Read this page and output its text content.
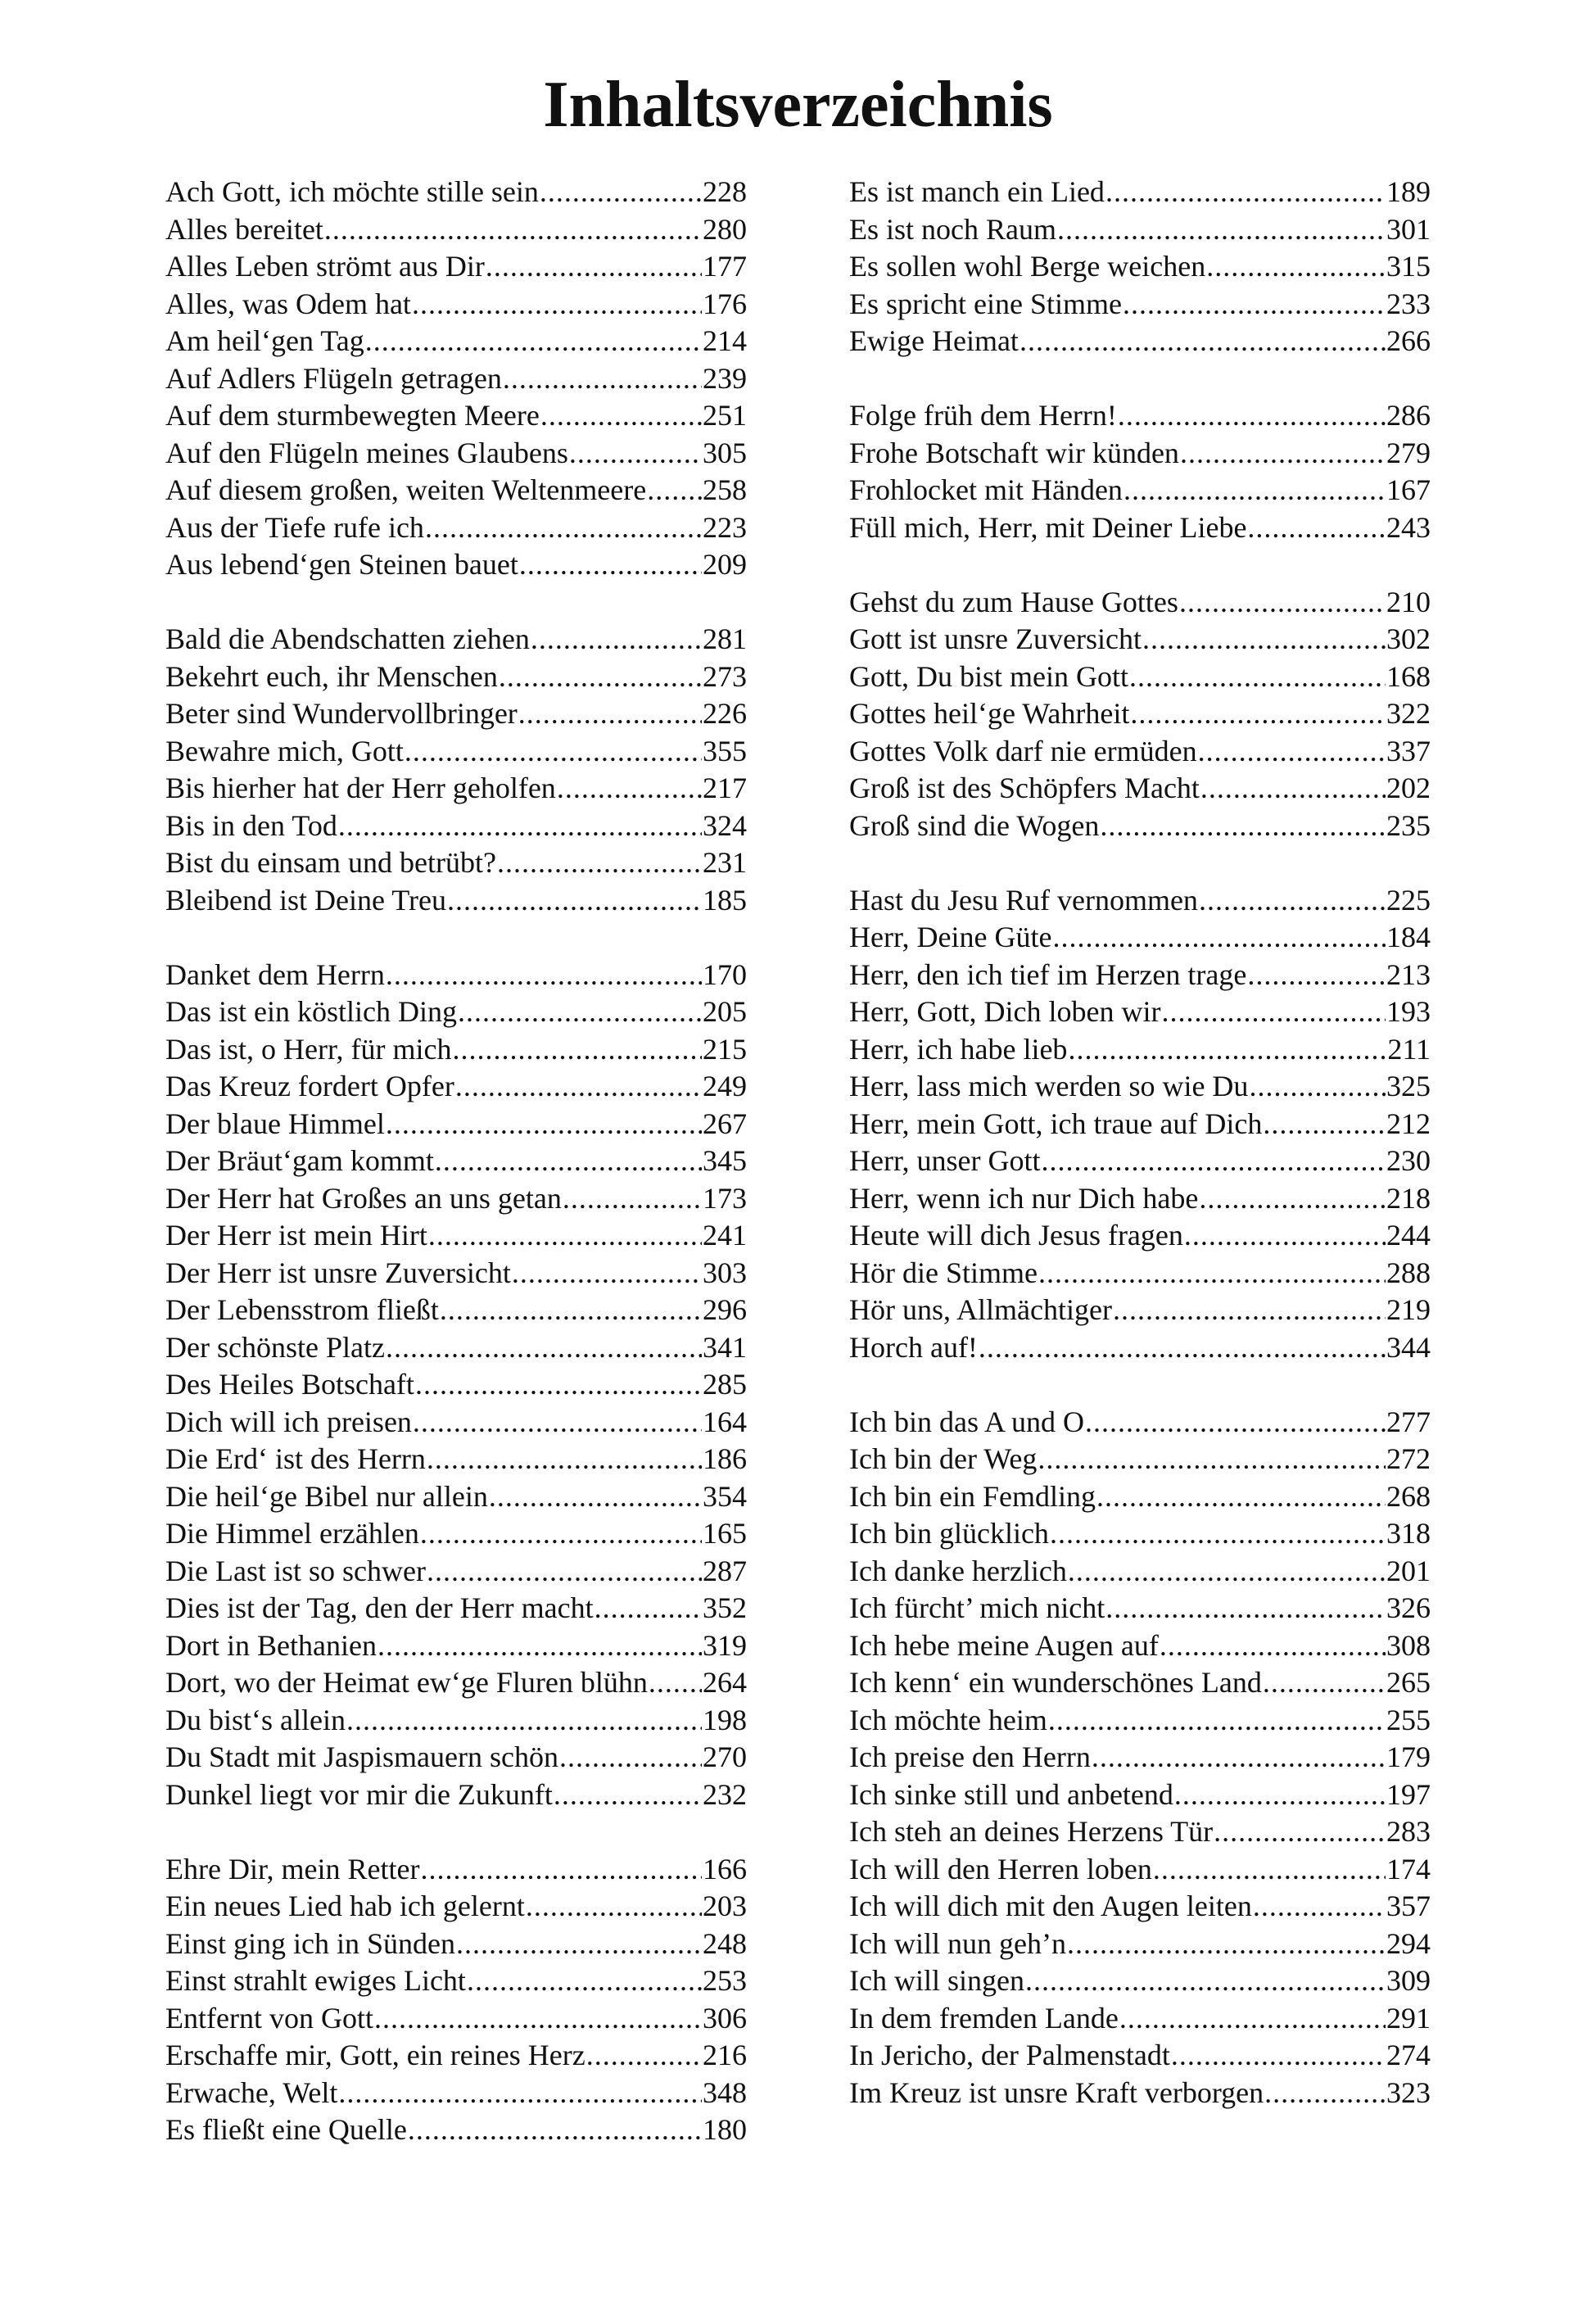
Inhaltsverzeichnis
Ach Gott, ich möchte stille sein .....	228
Alles bereitet .....	280
Alles Leben strömt aus Dir .....	177
Alles, was Odem hat .....	176
Am heil‘gen Tag .....	214
Auf Adlers Flügeln getragen .....	239
Auf dem sturmbewegten Meere .....	251
Auf den Flügeln meines Glaubens .....	305
Auf diesem großen, weiten Weltenmeere ..... 258
Aus der Tiefe rufe ich .....	223
Aus lebend‘gen Steinen bauet .....	209
Bald die Abendschatten ziehen .....	281
Bekehrt euch, ihr Menschen .....	273
Beter sind Wundervollbringer .....	226
Bewahre mich, Gott .....	355
Bis hierher hat der Herr geholfen .....	217
Bis in den Tod .....	324
Bist du einsam und betrübt? .....	231
Bleibend ist Deine Treu .....	185
Danket dem Herrn .....	170
Das ist ein köstlich Ding .....	205
Das ist, o Herr, für mich .....	215
Das Kreuz fordert Opfer .....	249
Der blaue Himmel .....	267
Der Bräut‘gam kommt .....	345
Der Herr hat Großes an uns getan .....	173
Der Herr ist mein Hirt .....	241
Der Herr ist unsre Zuversicht .....	303
Der Lebensstrom fließt .....	296
Der schönste Platz .....	341
Des Heiles Botschaft .....	285
Dich will ich preisen .....	164
Die Erd‘ ist des Herrn .....	186
Die heil‘ge Bibel nur allein .....	354
Die Himmel erzählen .....	165
Die Last ist so schwer .....	287
Dies ist der Tag, den der Herr macht .....	352
Dort in Bethanien .....	319
Dort, wo der Heimat ew‘ge Fluren blühn ..... 264
Du bist‘s allein .....	198
Du Stadt mit Jaspismauern schön .....	270
Dunkel liegt vor mir die Zukunft .....	232
Ehre Dir, mein Retter .....	166
Ein neues Lied hab ich gelernt .....	203
Einst ging ich in Sünden .....	248
Einst strahlt ewiges Licht .....	253
Entfernt von Gott .....	306
Erschaffe mir, Gott, ein reines Herz .....	216
Erwache, Welt .....	348
Es fließt eine Quelle .....	180
Es ist manch ein Lied .....	189
Es ist noch Raum .....	301
Es sollen wohl Berge weichen .....	315
Es spricht eine Stimme .....	233
Ewige Heimat .....	266
Folge früh dem Herrn! .....	286
Frohe Botschaft wir künden .....	279
Frohlocket mit Händen .....	167
Füll mich, Herr, mit Deiner Liebe .....	243
Gehst du zum Hause Gottes .....	210
Gott ist unsre Zuversicht .....	302
Gott, Du bist mein Gott .....	168
Gottes heil‘ge Wahrheit .....	322
Gottes Volk darf nie ermüden .....	337
Groß ist des Schöpfers Macht .....	202
Groß sind die Wogen .....	235
Hast du Jesu Ruf vernommen .....	225
Herr, Deine Güte .....	184
Herr, den ich tief im Herzen trage .....	213
Herr, Gott, Dich loben wir .....	193
Herr, ich habe lieb .....	211
Herr, lass mich werden so wie Du .....	325
Herr, mein Gott, ich traue auf Dich .....	212
Herr, unser Gott .....	230
Herr, wenn ich nur Dich habe .....	218
Heute will dich Jesus fragen .....	244
Hör die Stimme .....	288
Hör uns, Allmächtiger .....	219
Horch auf! .....	344
Ich bin das A und O .....	277
Ich bin der Weg .....	272
Ich bin ein Femdling .....	268
Ich bin glücklich .....	318
Ich danke herzlich .....	201
Ich fürcht’ mich nicht .....	326
Ich hebe meine Augen auf .....	308
Ich kenn‘ ein wunderschönes Land .....	265
Ich möchte heim .....	255
Ich preise den Herrn .....	179
Ich sinke still und anbetend .....	197
Ich steh an deines Herzens Tür .....	283
Ich will den Herren loben .....	174
Ich will dich mit den Augen leiten .....	357
Ich will nun geh’n .....	294
Ich will singen .....	309
In dem fremden Lande .....	291
In Jericho, der Palmenstadt .....	274
Im Kreuz ist unsre Kraft verborgen .....	323
